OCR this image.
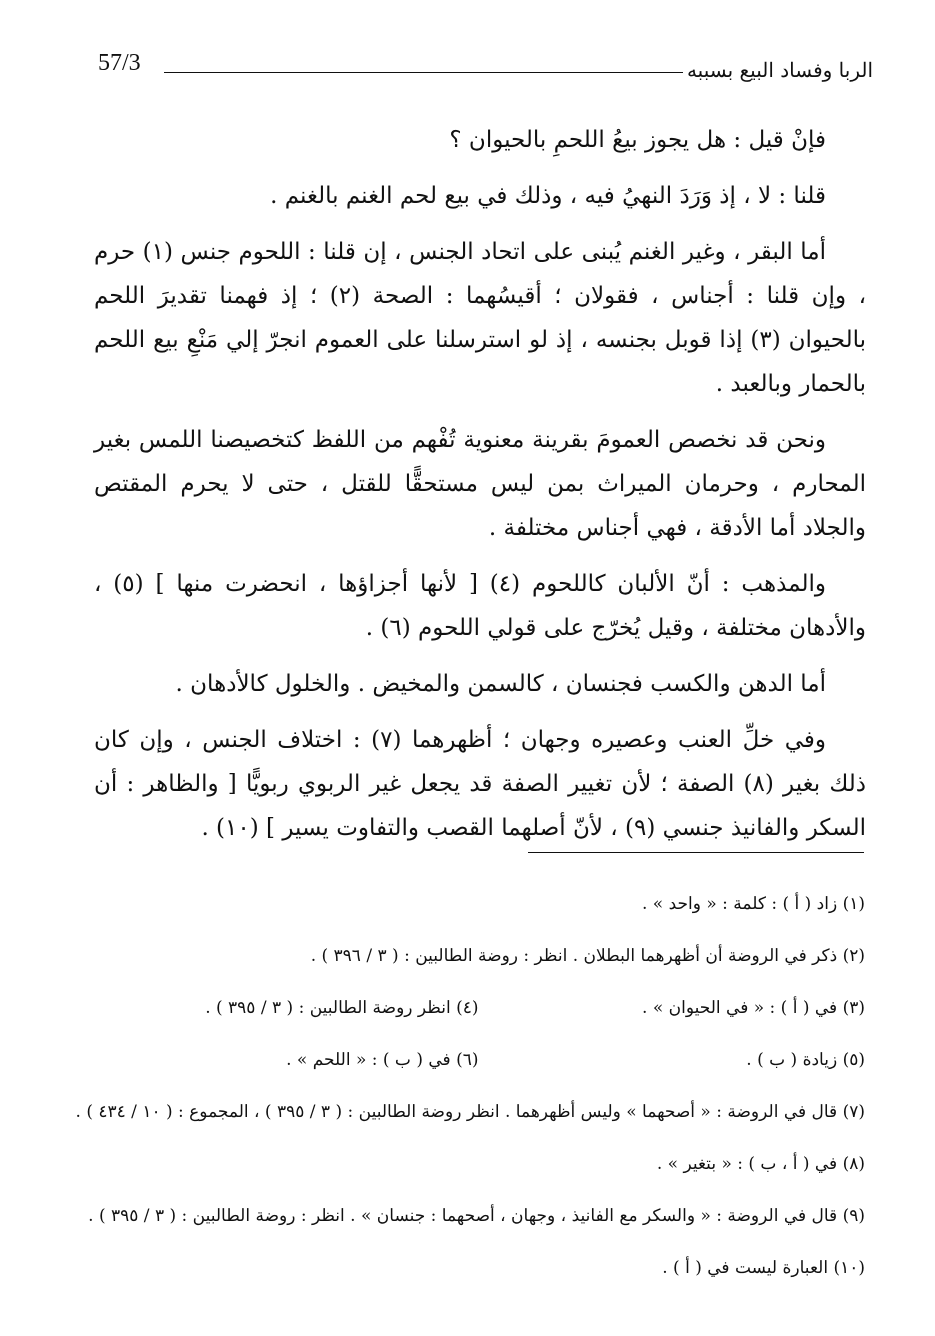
57/3	الربا وفساد البيع بسببه

فإنْ قيل : هل يجوز بيعُ اللحمِ بالحيوان ؟

قلنا : لا ، إذ وَرَدَ النهيُ فيه ، وذلك في بيع لحم الغنم بالغنم .

أما البقر ، وغير الغنم يُبنى على اتحاد الجنس ، إن قلنا : اللحوم جنس (١) حرم ، وإن قلنا : أجناس ، فقولان ؛ أقيسُهما : الصحة (٢) ؛ إذ فهمنا تقديرَ اللحم بالحيوان (٣) إذا قوبل بجنسه ، إذ لو استرسلنا على العموم انجرّ إلي مَنْعِ بيع اللحم بالحمار وبالعبد .

ونحن قد نخصص العمومَ بقرينة معنوية تُفْهم من اللفظ كتخصيصنا اللمس بغير المحارم ، وحرمان الميراث بمن ليس مستحقًّا للقتل ، حتى لا يحرم المقتص والجلاد أما الأدقة ، فهي أجناس مختلفة .

والمذهب : أنّ الألبان كاللحوم (٤) [ لأنها أجزاؤها ، انحضرت منها ] (٥) ، والأدهان مختلفة ، وقيل يُخرّج على قولي اللحوم (٦) .

أما الدهن والكسب فجنسان ، كالسمن والمخيض . والخلول كالأدهان .

وفي خلِّ العنب وعصيره وجهان ؛ أظهرهما (٧) : اختلاف الجنس ، وإن كان ذلك بغير (٨) الصفة ؛ لأن تغيير الصفة قد يجعل غير الربوي ربويًّا [ والظاهر : أن السكر والفانيذ جنسي (٩) ، لأنّ أصلهما القصب والتفاوت يسير ] (١٠) .

(١) زاد ( أ ) : كلمة : « واحد » .
(٢) ذكر في الروضة أن أظهرهما البطلان . انظر : روضة الطالبين : ( ٣ / ٣٩٦ ) .
(٣) في ( أ ) : « في الحيوان » .
(٤) انظر روضة الطالبين : ( ٣ / ٣٩٥ ) .
(٥) زيادة ( ب ) .
(٦) في ( ب ) : « اللحم » .
(٧) قال في الروضة : « أصحهما » وليس أظهرهما . انظر روضة الطالبين : ( ٣ / ٣٩٥ ) ، المجموع : ( ١٠ / ٤٣٤ ) .
(٨) في ( أ ، ب ) : « بتغير » .
(٩) قال في الروضة : « والسكر مع الفانيذ ، وجهان ، أصحهما : جنسان » . انظر : روضة الطالبين : ( ٣ / ٣٩٥ ) .
(١٠) العبارة ليست في ( أ ) .
